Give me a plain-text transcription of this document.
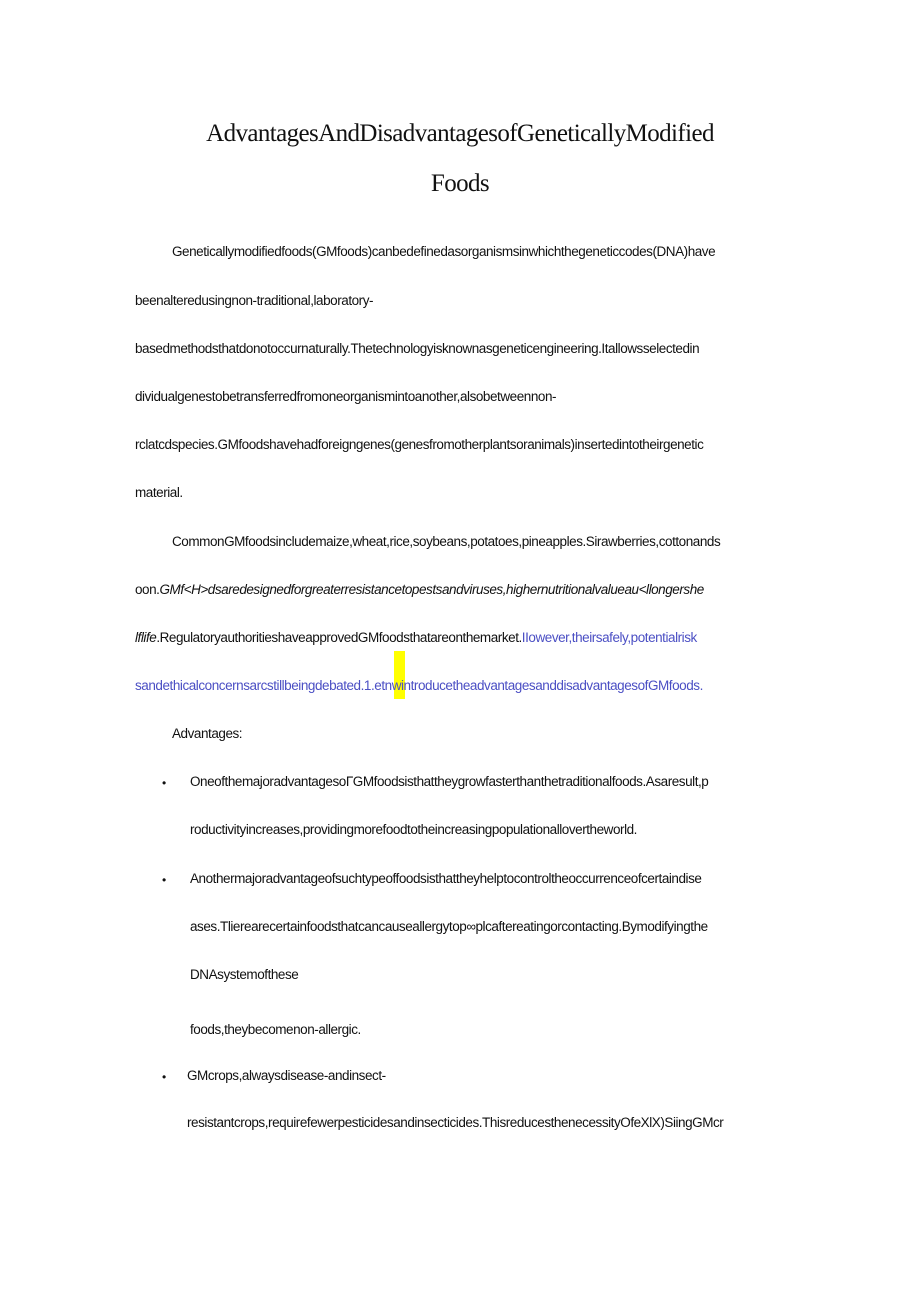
AdvantagesAndDisadvantagesofGeneticallyModified
Foods
Geneticallymodifiedfoods(GMfoods)canbedefinedasorganismsinwhichthegeneticcodes(DNA)have
beenalteredusingnon-traditional,laboratory-
basedmethodsthatdonotoccurnaturally.Thetechnologyisknownasgeneticengineering.Itallowsselectedin
dividualgenestobetransferredfromoneorganismintoanother,alsobetweennon-
rclatcdspecies.GMfoodshavehadforeigngenes(genesfromotherplantsoranimals)insertedintotheirgenetic
material.
CommonGMfoodsincludemaize,wheat,rice,soybeans,potatoes,pineapples.Sirawberries,cottonands
oon.GMf<H>dsaredesignedforgreaterresistancetopestsandviruses,highernutritionalvalueau<llongershe
lflife.RegulatoryauthoritieshaveapprovedGMfoodsthatareonthemarket.IIowever,theirsafely,potentialrisk
sandethicalconcernsarcstillbeingdebated.1.etnwintroducetheadvantagesanddisadvantagesofGMfoods.
Advantages:
• OneofthemajoradvantagesoΓGMfoodsisthattheygrowfasterthanthetraditionalfoods.Asaresult,p
roductivityincreases,providingmorefoodtotheincreasingpopulationallovertheworld.
• Anothermajoradvantageofsuchtypeoffoodsisthattheyhelptocontroltheoccurrenceofcertaindise
ases.Tlierearecertainfoodsthatcancauseallergytop∞plcaftereatingorcontacting.Bymodifyingthe
DNAsystemofthese
foods,theybecomenon-allergic.
• GMcrops,alwaysdisease-andinsect-
resistantcrops,requirefewerpesticidesandinsecticides.ThisreducesthenecessityOfeXlX)SiingGMcr
